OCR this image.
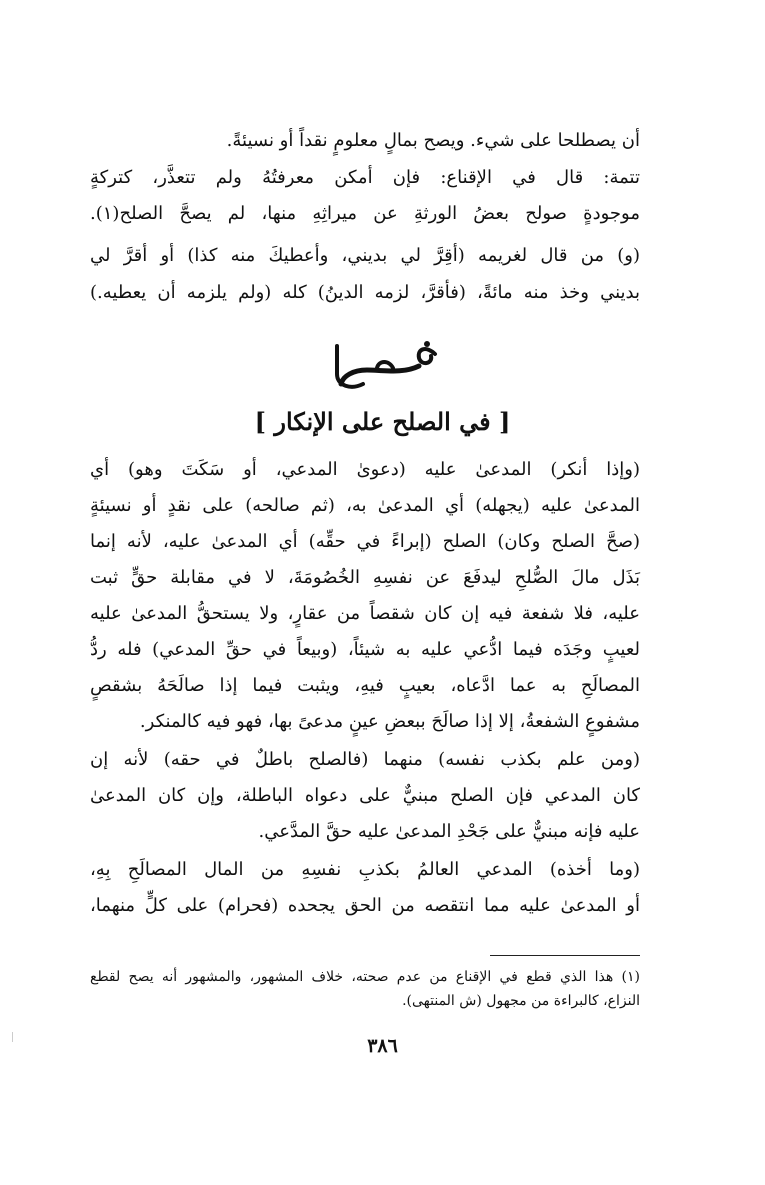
أن يصطلحا على شيء. ويصح بمالٍ معلومٍ نقداً أو نسيئةً.
تتمة: قال في الإقناع: فإن أمكن معرفتُهُ ولم تتعذَّر، كتركةٍ
موجودةٍ صولح بعضُ الورثةِ عن ميراثِهِ منها، لم يصحَّ الصلح(١).
(و) من قال لغريمه (أقِرَّ لي بديني، وأعطيكَ منه كذا) أو أقرَّ لي
بديني وخذ منه مائةً، (فأقرَّ، لزمه الدينُ) كله (ولم يلزمه أن يعطيه.)
فصل
[ في الصلح على الإنكار ]
(وإذا أنكر) المدعىٰ عليه (دعوىٰ المدعي، أو سَكَتَ وهو) أي
المدعىٰ عليه (يجهله) أي المدعىٰ به، (ثم صالحه) على نقدٍ أو نسيئةٍ
(صحَّ الصلح وكان) الصلح (إبراءً في حقِّه) أي المدعىٰ عليه، لأنه إنما
بَذَل مالَ الصُّلحِ ليدفَعَ عن نفسِهِ الخُصُومَةَ، لا في مقابلة حقٍّ ثبت
عليه، فلا شفعة فيه إن كان شقصاً من عقارٍ، ولا يستحقُّ المدعىٰ عليه
لعيبٍ وجَدَه فيما ادُّعي عليه به شيئاً، (وبيعاً في حقِّ المدعي) فله ردُّ
المصالَحِ به عما ادَّعاه، بعيبٍ فيهِ، ويثبت فيما إذا صالَحَهُ بشقصٍ
مشفوعٍ الشفعةُ، إلا إذا صالَحَ ببعضِ عينٍ مدعىً بها، فهو فيه كالمنكر.
(ومن علم بكذب نفسه) منهما (فالصلح باطلٌ في حقه) لأنه إن
كان المدعي فإن الصلح مبنيٌّ على دعواه الباطلة، وإن كان المدعىٰ
عليه فإنه مبنيٌّ على جَحْدِ المدعىٰ عليه حقَّ المدَّعي.
(وما أخذه) المدعي العالمُ بكذبِ نفسِهِ من المال المصالَحِ بِهِ،
أو المدعىٰ عليه مما انتقصه من الحق يجحده (فحرام) على كلٍّ منهما،
(١) هذا الذي قطع في الإقناع من عدم صحته، خلاف المشهور، والمشهور أنه يصح لقطع
النزاع، كالبراءة من مجهول (ش المنتهى).
٣٨٦
